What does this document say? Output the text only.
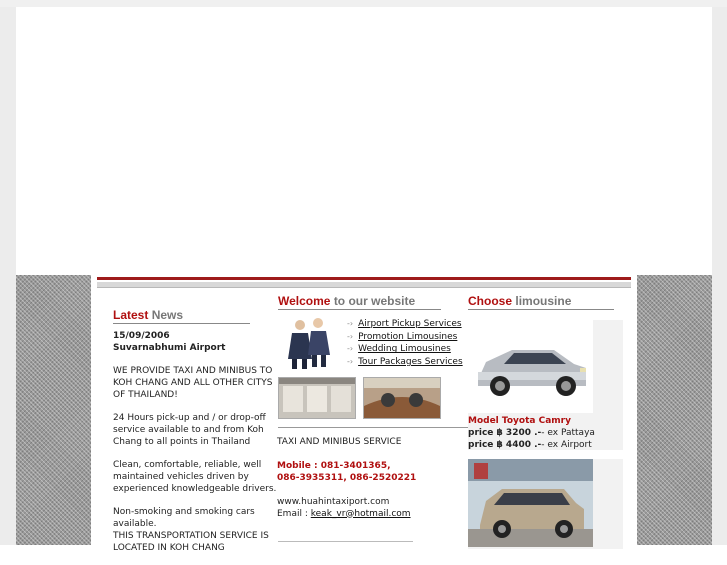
Latest News

15/09/2006
Suvarnabhumi Airport

WE PROVIDE TAXI AND MINIBUS TO KOH CHANG AND ALL OTHER CITYS OF THAILAND!

24 Hours pick-up and / or drop-off service available to and from Koh Chang to all points in Thailand

Clean, comfortable, reliable, well maintained vehicles driven by experienced knowledgeable drivers.

Non-smoking and smoking cars available.
THIS TRANSPORTATION SERVICE IS LOCATED IN KOH CHANG

Welcome to our website
-› Airport Pickup Services
-› Promotion Limousines
-› Wedding Limousines
-› Tour Packages Services
TAXI AND MINIBUS SERVICE
Mobile : 081-3401365,
086-3935311, 086-2520221
www.huahintaxiport.com
Email : keak_vr@hotmail.com
Choose limousine
Model Toyota Camry
price ฿ 3200 .-- ex Pattaya
price ฿ 4400 .-- ex Airport
